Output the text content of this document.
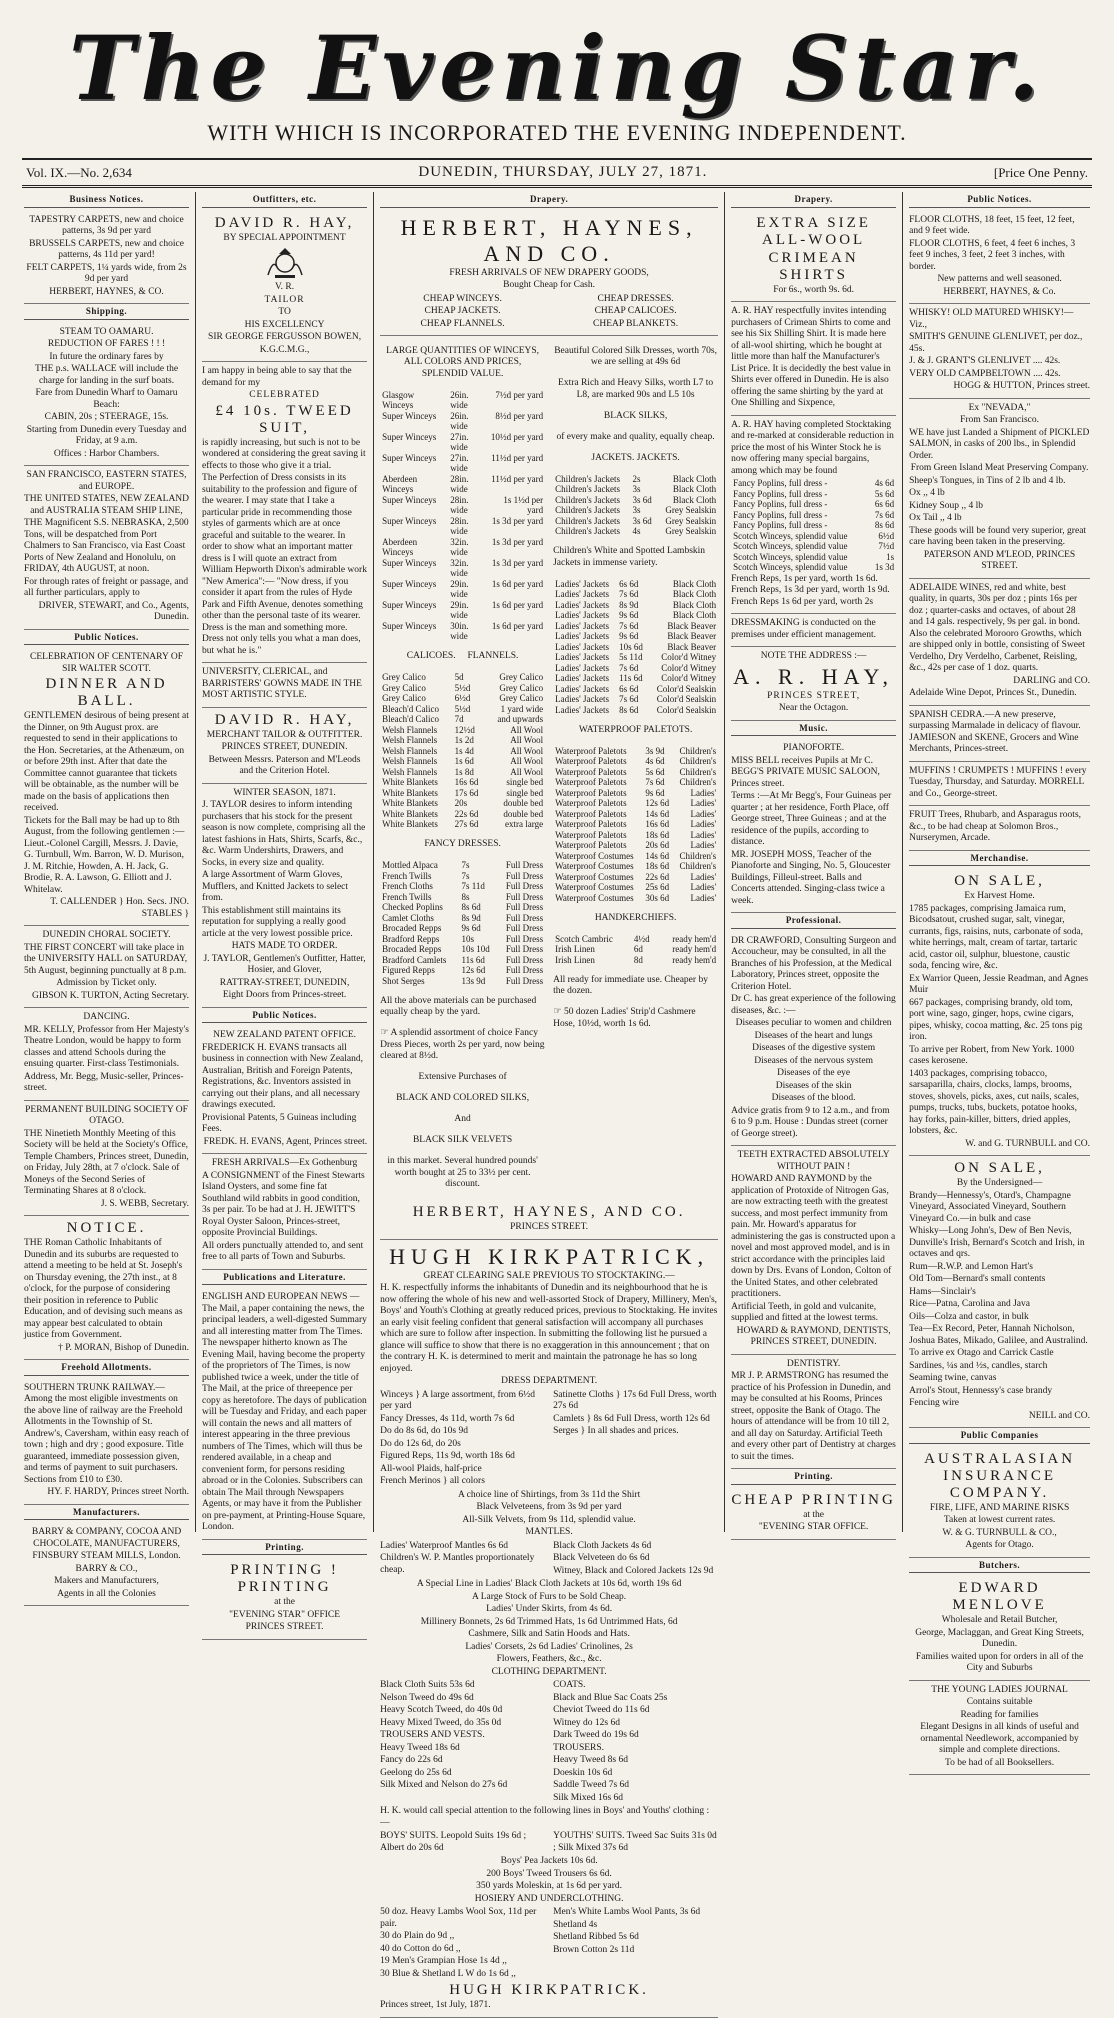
The Evening Star.
WITH WHICH IS INCORPORATED THE EVENING INDEPENDENT.
Vol. IX.—No. 2,634	DUNEDIN, THURSDAY, JULY 27, 1871.	[Price One Penny.
Business Notices.

TAPESTRY CARPETS, new and choice patterns, 3s 9d per yard

BRUSSELS CARPETS, new and choice patterns, 4s 11d per yard!

FELT CARPETS, 1¼ yards wide, from 2s 9d per yard

HERBERT, HAYNES, & CO.

Shipping.

STEAM TO OAMARU.

REDUCTION OF FARES ! ! !

In future the ordinary fares by

THE p.s. WALLACE will include the charge for landing in the surf boats.

Fare from Dunedin Wharf to Oamaru Beach:

CABIN, 20s ; STEERAGE, 15s.

Starting from Dunedin every Tuesday and Friday, at 9 a.m.

Offices : Harbor Chambers.

SAN FRANCISCO, EASTERN STATES, and EUROPE.

THE UNITED STATES, NEW ZEALAND and AUSTRALIA STEAM SHIP LINE,

THE Magnificent S.S. NEBRASKA, 2,500 Tons, will be despatched from Port Chalmers to San Francisco, via East Coast Ports of New Zealand and Honolulu, on FRIDAY, 4th AUGUST, at noon.

For through rates of freight or passage, and all further particulars, apply to

DRIVER, STEWART, and Co., Agents, Dunedin.

Public Notices.

CELEBRATION OF CENTENARY OF SIR WALTER SCOTT.

DINNER AND BALL.

GENTLEMEN desirous of being present at the Dinner, on 9th August prox. are requested to send in their applications to the Hon. Secretaries, at the Athenæum, on or before 29th inst. After that date the Committee cannot guarantee that tickets will be obtainable, as the number will be made on the basis of applications then received.

Tickets for the Ball may be had up to 8th August, from the following gentlemen :— Lieut.-Colonel Cargill, Messrs. J. Davie, G. Turnbull, Wm. Barron, W. D. Murison, J. M. Ritchie, Howden, A. H. Jack, G. Brodie, R. A. Lawson, G. Elliott and J. Whitelaw.

T. CALLENDER } Hon. Secs. JNO. STABLES }

DUNEDIN CHORAL SOCIETY.

THE FIRST CONCERT will take place in the UNIVERSITY HALL on SATURDAY, 5th August, beginning punctually at 8 p.m.

Admission by Ticket only.

GIBSON K. TURTON, Acting Secretary.

DANCING.

MR. KELLY, Professor from Her Majesty's Theatre London, would be happy to form classes and attend Schools during the ensuing quarter. First-class Testimonials.

Address, Mr. Begg, Music-seller, Princes-street.

PERMANENT BUILDING SOCIETY OF OTAGO.

THE Ninetieth Monthly Meeting of this Society will be held at the Society's Office, Temple Chambers, Princes street, Dunedin, on Friday, July 28th, at 7 o'clock. Sale of Moneys of the Second Series of Terminating Shares at 8 o'clock.

J. S. WEBB, Secretary.

NOTICE.

THE Roman Catholic Inhabitants of Dunedin and its suburbs are requested to attend a meeting to be held at St. Joseph's on Thursday evening, the 27th inst., at 8 o'clock, for the purpose of considering their position in reference to Public Education, and of devising such means as may appear best calculated to obtain justice from Government.

† P. MORAN, Bishop of Dunedin.

Freehold Allotments.

SOUTHERN TRUNK RAILWAY.— Among the most eligible investments on the above line of railway are the Freehold Allotments in the Township of St. Andrew's, Caversham, within easy reach of town ; high and dry ; good exposure. Title guaranteed, immediate possession given, and terms of payment to suit purchasers. Sections from £10 to £30.

HY. F. HARDY, Princes street North.

Manufacturers.

BARRY & COMPANY, COCOA AND CHOCOLATE, MANUFACTURERS,

FINSBURY STEAM MILLS, London.

BARRY & CO.,

Makers and Manufacturers,

Agents in all the Colonies

Outfitters, etc.

DAVID R. HAY,

BY SPECIAL APPOINTMENT

V. R.

TAILOR

TO

HIS EXCELLENCY

SIR GEORGE FERGUSSON BOWEN,

K.G.C.M.G.,

I am happy in being able to say that the demand for my

CELEBRATED

£4 10s. TWEED SUIT,

is rapidly increasing, but such is not to be wondered at considering the great saving it effects to those who give it a trial.

The Perfection of Dress consists in its suitability to the profession and figure of the wearer. I may state that I take a particular pride in recommending those styles of garments which are at once graceful and suitable to the wearer. In order to show what an important matter dress is I will quote an extract from William Hepworth Dixon's admirable work "New America":— "Now dress, if you consider it apart from the rules of Hyde Park and Fifth Avenue, denotes something other than the personal taste of its wearer. Dress is the man and something more. Dress not only tells you what a man does, but what he is."

UNIVERSITY, CLERICAL, and BARRISTERS' GOWNS MADE IN THE MOST ARTISTIC STYLE.

DAVID R. HAY,

MERCHANT TAILOR & OUTFITTER.

PRINCES STREET, DUNEDIN.

Between Messrs. Paterson and M'Leods and the Criterion Hotel.

WINTER SEASON, 1871.

J. TAYLOR desires to inform intending purchasers that his stock for the present season is now complete, comprising all the latest fashions in Hats, Shirts, Scarfs, &c., &c. Warm Undershirts, Drawers, and Socks, in every size and quality.

A large Assortment of Warm Gloves, Mufflers, and Knitted Jackets to select from.

This establishment still maintains its reputation for supplying a really good article at the very lowest possible price.

HATS MADE TO ORDER.

J. TAYLOR, Gentlemen's Outfitter, Hatter, Hosier, and Glover,

RATTRAY-STREET, DUNEDIN,

Eight Doors from Princes-street.

Public Notices.

NEW ZEALAND PATENT OFFICE.

FREDERICK H. EVANS transacts all business in connection with New Zealand, Australian, British and Foreign Patents, Registrations, &c. Inventors assisted in carrying out their plans, and all necessary drawings executed.

Provisional Patents, 5 Guineas including Fees.

FREDK. H. EVANS, Agent, Princes street.

FRESH ARRIVALS—Ex Gothenburg

A CONSIGNMENT of the Finest Stewarts Island Oysters, and some fine fat Southland wild rabbits in good condition, 3s per pair. To be had at J. H. JEWITT'S Royal Oyster Saloon, Princes-street, opposite Provincial Buildings.

All orders punctually attended to, and sent free to all parts of Town and Suburbs.

Publications and Literature.

ENGLISH AND EUROPEAN NEWS —The Mail, a paper containing the news, the principal leaders, a well-digested Summary and all interesting matter from The Times. The newspaper hitherto known as The Evening Mail, having become the property of the proprietors of The Times, is now published twice a week, under the title of The Mail, at the price of threepence per copy as heretofore. The days of publication will be Tuesday and Friday, and each paper will contain the news and all matters of interest appearing in the three previous numbers of The Times, which will thus be rendered available, in a cheap and convenient form, for persons residing abroad or in the Colonies. Subscribers can obtain The Mail through Newspapers Agents, or may have it from the Publisher on pre-payment, at Printing-House Square, London.

Printing.

PRINTING ! PRINTING

at the

"EVENING STAR" OFFICE

PRINCES STREET.

Drapery.

HERBERT, HAYNES, AND CO.

FRESH ARRIVALS OF NEW DRAPERY GOODS,

Bought Cheap for Cash.

CHEAP WINCEYS.

CHEAP JACKETS.

CHEAP FLANNELS.

CHEAP DRESSES.

CHEAP CALICOES.

CHEAP BLANKETS.

LARGE QUANTITIES OF WINCEYS, ALL COLORS AND PRICES, SPLENDID VALUE.

Glasgow Winceys	26in. wide	7½d per yard
Super Winceys	26in. wide	8½d per yard
Super Winceys	27in. wide	10½d per yard
Super Winceys	27in. wide	11½d per yard
Aberdeen Winceys	28in. wide	11½d per yard
Super Winceys	28in. wide	1s 1½d per yard
Super Winceys	28in. wide	1s 3d per yard
Aberdeen Winceys	32in. wide	1s 3d per yard
Super Winceys	32in. wide	1s 3d per yard
Super Winceys	29in. wide	1s 6d per yard
Super Winceys	29in. wide	1s 6d per yard
Super Winceys	30in. wide	1s 6d per yard

CALICOES. FLANNELS.

Grey Calico	5d	Grey Calico
Grey Calico	5½d	Grey Calico
Grey Calico	6½d	Grey Calico
Bleach'd Calico	5½d	1 yard wide
Bleach'd Calico	7d	and upwards
Welsh Flannels	12½d	All Wool
Welsh Flannels	1s 2d	All Wool
Welsh Flannels	1s 4d	All Wool
Welsh Flannels	1s 6d	All Wool
Welsh Flannels	1s 8d	All Wool
White Blankets	16s 6d	single bed
White Blankets	17s 6d	single bed
White Blankets	20s	double bed
White Blankets	22s 6d	double bed
White Blankets	27s 6d	extra large

FANCY DRESSES.

Mottled Alpaca	7s	Full Dress
French Twills	7s	Full Dress
French Cloths	7s 11d	Full Dress
French Twills	8s	Full Dress
Checked Poplins	8s 6d	Full Dress
Camlet Cloths	8s 9d	Full Dress
Brocaded Repps	9s 6d	Full Dress
Bradford Repps	10s	Full Dress
Brocaded Repps	10s 10d	Full Dress
Bradford Camlets	11s 6d	Full Dress
Figured Repps	12s 6d	Full Dress
Shot Serges	13s 9d	Full Dress

All the above materials can be purchased equally cheap by the yard.

☞ A splendid assortment of choice Fancy Dress Pieces, worth 2s per yard, now being cleared at 8½d.

Extensive Purchases of

BLACK AND COLORED SILKS,

And

BLACK SILK VELVETS

in this market. Several hundred pounds' worth bought at 25 to 33½ per cent. discount.

Beautiful Colored Silk Dresses, worth 70s, we are selling at 49s 6d

Extra Rich and Heavy Silks, worth L7 to L8, are marked 90s and L5 10s

BLACK SILKS,

of every make and quality, equally cheap.

JACKETS. JACKETS.

Children's Jackets	2s	Black Cloth
Children's Jackets	3s	Black Cloth
Children's Jackets	3s 6d	Black Cloth
Children's Jackets	3s	Grey Sealskin
Children's Jackets	3s 6d	Grey Sealskin
Children's Jackets	4s	Grey Sealskin

Children's White and Spotted Lambskin Jackets in immense variety.

Ladies' Jackets	6s 6d	Black Cloth
Ladies' Jackets	7s 6d	Black Cloth
Ladies' Jackets	8s 9d	Black Cloth
Ladies' Jackets	9s 6d	Black Cloth
Ladies' Jackets	7s 6d	Black Beaver
Ladies' Jackets	9s 6d	Black Beaver
Ladies' Jackets	10s 6d	Black Beaver
Ladies' Jackets	5s 11d	Color'd Witney
Ladies' Jackets	7s 6d	Color'd Witney
Ladies' Jackets	11s 6d	Color'd Witney
Ladies' Jackets	6s 6d	Color'd Sealskin
Ladies' Jackets	7s 6d	Color'd Sealskin
Ladies' Jackets	8s 6d	Color'd Sealskin

WATERPROOF PALETOTS.

Waterproof Paletots	3s 9d	Children's
Waterproof Paletots	4s 6d	Children's
Waterproof Paletots	5s 6d	Children's
Waterproof Paletots	7s 6d	Children's
Waterproof Paletots	9s 6d	Ladies'
Waterproof Paletots	12s 6d	Ladies'
Waterproof Paletots	14s 6d	Ladies'
Waterproof Paletots	16s 6d	Ladies'
Waterproof Paletots	18s 6d	Ladies'
Waterproof Paletots	20s 6d	Ladies'
Waterproof Costumes	14s 6d	Children's
Waterproof Costumes	18s 6d	Children's
Waterproof Costumes	22s 6d	Ladies'
Waterproof Costumes	25s 6d	Ladies'
Waterproof Costumes	30s 6d	Ladies'

HANDKERCHIEFS.

Scotch Cambric	4½d	ready hem'd
Irish Linen	6d	ready hem'd
Irish Linen	8d	ready hem'd

All ready for immediate use. Cheaper by the dozen.

☞ 50 dozen Ladies' Strip'd Cashmere Hose, 10½d, worth 1s 6d.

HERBERT, HAYNES, AND CO.

PRINCES STREET.

HUGH KIRKPATRICK,

GREAT CLEARING SALE PREVIOUS TO STOCKTAKING.—

H. K. respectfully informs the inhabitants of Dunedin and its neighbourhood that he is now offering the whole of his new and well-assorted Stock of Drapery, Millinery, Men's, Boys' and Youth's Clothing at greatly reduced prices, previous to Stocktaking. He invites an early visit feeling confident that general satisfaction will accompany all purchases which are sure to follow after inspection. In submitting the following list he pursued a glance will suffice to show that there is no exaggeration in this announcement ; that on the contrary H. K. is determined to merit and maintain the patronage he has so long enjoyed.

DRESS DEPARTMENT.

Winceys } A large assortment, from 6½d per yard

Fancy Dresses, 4s 11d, worth 7s 6d

Do do 8s 6d, do 10s 9d

Do do 12s 6d, do 20s

Figured Reps, 11s 9d, worth 18s 6d

All-wool Plaids, half-price

French Merinos } all colors

Satinette Cloths } 17s 6d Full Dress, worth 27s 6d

Camlets } 8s 6d Full Dress, worth 12s 6d

Serges } In all shades and prices.

A choice line of Shirtings, from 3s 11d the Shirt

Black Velveteens, from 3s 9d per yard

All-Silk Velvets, from 9s 11d, splendid value.

MANTLES.

Ladies' Waterproof Mantles 6s 6d

Children's W. P. Mantles proportionately cheap.

Black Cloth Jackets 4s 6d

Black Velveteen do 6s 6d

Witney, Black and Colored Jackets 12s 9d

A Special Line in Ladies' Black Cloth Jackets at 10s 6d, worth 19s 6d

A Large Stock of Furs to be Sold Cheap.

Ladies' Under Skirts, from 4s 6d.

Millinery Bonnets, 2s 6d Trimmed Hats, 1s 6d Untrimmed Hats, 6d

Cashmere, Silk and Satin Hoods and Hats.

Ladies' Corsets, 2s 6d Ladies' Crinolines, 2s

Flowers, Feathers, &c., &c.

CLOTHING DEPARTMENT.

Black Cloth Suits 53s 6d

Nelson Tweed do 49s 6d

Heavy Scotch Tweed, do 40s 0d

Heavy Mixed Tweed, do 35s 0d

TROUSERS AND VESTS.

Heavy Tweed 18s 6d

Fancy do 22s 6d

Geelong do 25s 6d

Silk Mixed and Nelson do 27s 6d

COATS.

Black and Blue Sac Coats 25s

Cheviot Tweed do 11s 6d

Witney do 12s 6d

Dark Tweed do 19s 6d

TROUSERS.

Heavy Tweed 8s 6d

Doeskin 10s 6d

Saddle Tweed 7s 6d

Silk Mixed 16s 6d

H. K. would call special attention to the following lines in Boys' and Youths' clothing :—

BOYS' SUITS. Leopold Suits 19s 6d ; Albert do 20s 6d

YOUTHS' SUITS. Tweed Sac Suits 31s 0d ; Silk Mixed 37s 6d

Boys' Pea Jackets 10s 6d.

200 Boys' Tweed Trousers 6s 6d.

350 yards Moleskin, at 1s 6d per yard.

HOSIERY AND UNDERCLOTHING.

50 doz. Heavy Lambs Wool Sox, 11d per pair.

30 do Plain do 9d ,,

40 do Cotton do 6d ,,

19 Men's Grampian Hose 1s 4d ,,

30 Blue & Shetland L W do 1s 6d ,,

Men's White Lambs Wool Pants, 3s 6d

Shetland 4s

Shetland Ribbed 5s 6d

Brown Cotton 2s 11d

HUGH KIRKPATRICK.

Princes street, 1st July, 1871.

Drapery.

EXTRA SIZE ALL-WOOL

CRIMEAN SHIRTS

For 6s., worth 9s. 6d.

A. R. HAY respectfully invites intending purchasers of Crimean Shirts to come and see his Six Shilling Shirt. It is made here of all-wool shirting, which he bought at little more than half the Manufacturer's List Price. It is decidedly the best value in Shirts ever offered in Dunedin. He is also offering the same shirting by the yard at One Shilling and Sixpence,

A. R. HAY having completed Stocktaking and re-marked at considerable reduction in price the most of his Winter Stock he is now offering many special bargains, among which may be found

Fancy Poplins, full dress -	4s 6d
Fancy Poplins, full dress -	5s 6d
Fancy Poplins, full dress -	6s 6d
Fancy Poplins, full dress -	7s 6d
Fancy Poplins, full dress -	8s 6d
Scotch Winceys, splendid value	6½d
Scotch Winceys, splendid value	7½d
Scotch Winceys, splendid value	1s
Scotch Winceys, splendid value	1s 3d

French Reps, 1s per yard, worth 1s 6d. French Reps, 1s 3d per yard, worth 1s 9d. French Reps 1s 6d per yard, worth 2s

DRESSMAKING is conducted on the premises under efficient management.

NOTE THE ADDRESS :—

A. R. HAY,

PRINCES STREET,

Near the Octagon.

Music.

PIANOFORTE.

MISS BELL receives Pupils at Mr C. BEGG'S PRIVATE MUSIC SALOON, Princes street.

Terms :—At Mr Begg's, Four Guineas per quarter ; at her residence, Forth Place, off George street, Three Guineas ; and at the residence of the pupils, according to distance.

MR. JOSEPH MOSS, Teacher of the Pianoforte and Singing, No. 5, Gloucester Buildings, Filleul-street. Balls and Concerts attended. Singing-class twice a week.

Professional.

DR CRAWFORD, Consulting Surgeon and Accoucheur, may be consulted, in all the Branches of his Profession, at the Medical Laboratory, Princes street, opposite the Criterion Hotel.

Dr C. has great experience of the following diseases, &c. :—

Diseases peculiar to women and children

Diseases of the heart and lungs

Diseases of the digestive system

Diseases of the nervous system

Diseases of the eye

Diseases of the skin

Diseases of the blood.

Advice gratis from 9 to 12 a.m., and from 6 to 9 p.m. House : Dundas street (corner of George street).

TEETH EXTRACTED ABSOLUTELY WITHOUT PAIN !

HOWARD AND RAYMOND by the application of Protoxide of Nitrogen Gas, are now extracting teeth with the greatest success, and most perfect immunity from pain. Mr. Howard's apparatus for administering the gas is constructed upon a novel and most approved model, and is in strict accordance with the principles laid down by Drs. Evans of London, Colton of the United States, and other celebrated practitioners.

Artificial Teeth, in gold and vulcanite, supplied and fitted at the lowest terms.

HOWARD & RAYMOND, DENTISTS, PRINCES STREET, DUNEDIN.

DENTISTRY.

MR J. P. ARMSTRONG has resumed the practice of his Profession in Dunedin, and may be consulted at his Rooms, Princes street, opposite the Bank of Otago. The hours of attendance will be from 10 till 2, and all day on Saturday. Artificial Teeth and every other part of Dentistry at charges to suit the times.

Printing.

CHEAP PRINTING

at the

"EVENING STAR OFFICE.

Public Notices.

FLOOR CLOTHS, 18 feet, 15 feet, 12 feet, and 9 feet wide.

FLOOR CLOTHS, 6 feet, 4 feet 6 inches, 3 feet 9 inches, 3 feet, 2 feet 3 inches, with border.

New patterns and well seasoned.

HERBERT, HAYNES, & Co.

WHISKY! OLD MATURED WHISKY!—Viz.,

SMITH'S GENUINE GLENLIVET, per doz., 45s.

J. & J. GRANT'S GLENLIVET .... 42s.

VERY OLD CAMPBELTOWN .... 42s.

HOGG & HUTTON, Princes street.

Ex "NEVADA,"

From San Francisco.

WE have just Landed a Shipment of PICKLED SALMON, in casks of 200 lbs., in Splendid Order.

From Green Island Meat Preserving Company.

Sheep's Tongues, in Tins of 2 lb and 4 lb.

Ox ,, 4 lb

Kidney Soup ,, 4 lb

Ox Tail ,, 4 lb

These goods will be found very superior, great care having been taken in the preserving.

PATERSON AND M'LEOD, PRINCES STREET.

ADELAIDE WINES, red and white, best quality, in quarts, 30s per doz ; pints 16s per doz ; quarter-casks and octaves, of about 28 and 14 gals. respectively, 9s per gal. in bond. Also the celebrated Morooro Growths, which are shipped only in bottle, consisting of Sweet Verdelho, Dry Verdelho, Carbenet, Reisling, &c., 42s per case of 1 doz. quarts.

DARLING and CO.

Adelaide Wine Depot, Princes St., Dunedin.

SPANISH CEDRA.—A new preserve, surpassing Marmalade in delicacy of flavour. JAMIESON and SKENE, Grocers and Wine Merchants, Princes-street.

MUFFINS ! CRUMPETS ! MUFFINS ! every Tuesday, Thursday, and Saturday. MORRELL and Co., George-street.

FRUIT Trees, Rhubarb, and Asparagus roots, &c., to be had cheap at Solomon Bros., Nurserymen, Arcade.

Merchandise.

ON SALE,

Ex Harvest Home.

1785 packages, comprising Jamaica rum, Bicodsatout, crushed sugar, salt, vinegar, currants, figs, raisins, nuts, carbonate of soda, white herrings, malt, cream of tartar, tartaric acid, castor oil, sulphur, bluestone, caustic soda, fencing wire, &c.

Ex Warrior Queen, Jessie Readman, and Agnes Muir

667 packages, comprising brandy, old tom, port wine, sago, ginger, hops, cwine cigars, pipes, whisky, cocoa matting, &c. 25 tons pig iron.

To arrive per Robert, from New York. 1000 cases kerosene.

1403 packages, comprising tobacco, sarsaparilla, chairs, clocks, lamps, brooms, stoves, shovels, picks, axes, cut nails, scales, pumps, trucks, tubs, buckets, potatoe hooks, hay forks, pain-killer, bitters, dried apples, lobsters, &c.

W. and G. TURNBULL and CO.

ON SALE,

By the Undersigned—

Brandy—Hennessy's, Otard's, Champagne Vineyard, Associated Vineyard, Southern Vineyard Co.—in bulk and case

Whisky—Long John's, Dew of Ben Nevis, Dunville's Irish, Bernard's Scotch and Irish, in octaves and qrs.

Rum—R.W.P. and Lemon Hart's

Old Tom—Bernard's small contents

Hams—Sinclair's

Rice—Patna, Carolina and Java

Oils—Colza and castor, in bulk

Tea—Ex Record, Peter, Hannah Nicholson, Joshua Bates, Mikado, Galilee, and Australind.

To arrive ex Otago and Carrick Castle

Sardines, ¼s and ½s, candles, starch

Seaming twine, canvas

Arrol's Stout, Hennessy's case brandy

Fencing wire

NEILL and CO.

Public Companies

AUSTRALASIAN INSURANCE COMPANY.

FIRE, LIFE, AND MARINE RISKS

Taken at lowest current rates.

W. & G. TURNBULL & CO.,

Agents for Otago.

Butchers.

EDWARD MENLOVE

Wholesale and Retail Butcher,

George, Maclaggan, and Great King Streets, Dunedin.

Families waited upon for orders in all of the City and Suburbs

THE YOUNG LADIES JOURNAL

Contains suitable

Reading for families

Elegant Designs in all kinds of useful and ornamental Needlework, accompanied by simple and complete directions.

To be had of all Booksellers.
